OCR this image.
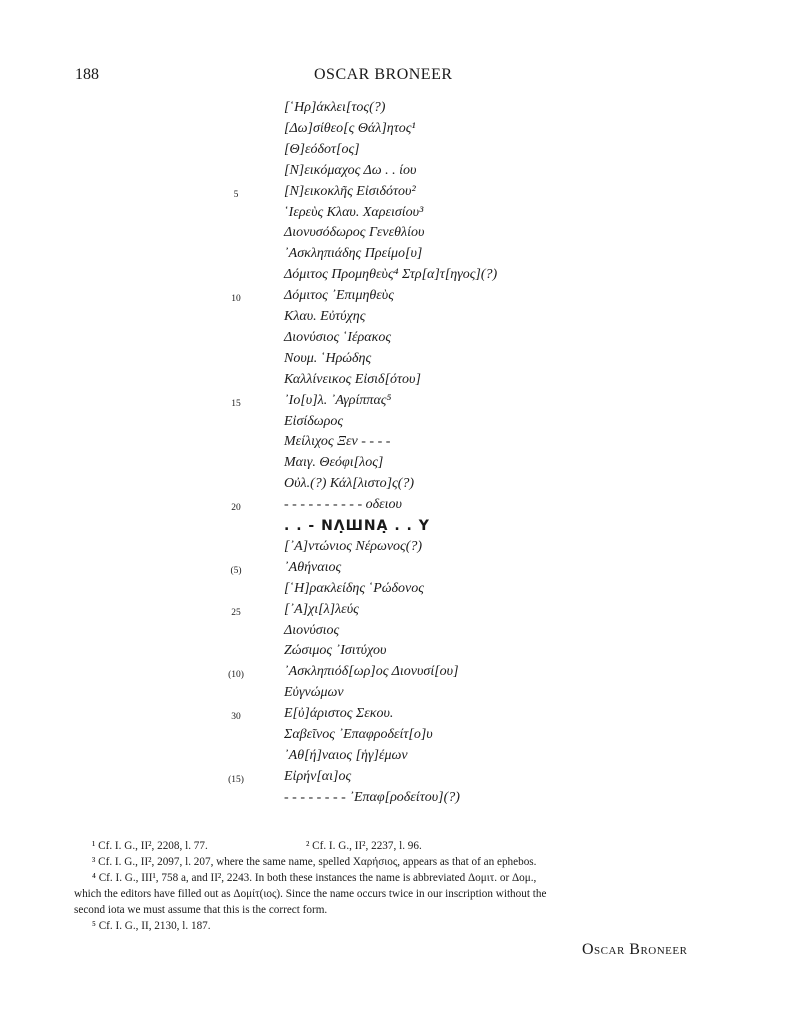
188	OSCAR BRONEER
[῾Ηρ]άκλει[τος(?)
[Δω]σίθεο[ς Θάλ]ητος¹
[Θ]εόδοτ[ος]
[Ν]εικόμαχος Δω . . ίου
5	[Ν]εικοκλῆς Εἰσιδότου²
῾Ιερεὺς Κλαυ. Χαρεισίου³
Διονυσόδωρος Γενεθλίου
᾿Ασκληπιάδης Πρείμο[υ]
Δόμιτος Προμηθεὺς⁴ Στρ[α]τ[ηγος](?)
10	Δόμιτος ᾿Επιμηθεὺς
Κλαυ. Εὐτύχης
Διονύσιος ῾Ιέρακος
Νουμ. ῾Ηρώδης
Καλλίνεικος Εἰσιδ[ότου]
15	᾿Ιο[υ]λ. ᾿Αγρίππας⁵
Εἰσίδωρος
Μείλιχος Ξεν - - - -
Μαιγ. Θεόφι[λος]
Οὐλ.(?) Κάλ[λιστο]ς(?)
20	- - - - - - - - - - οδειου
. . - ΝΛ̣ШΝΑ̣ . . Υ
[᾿Α]ντώνιος Νέρωνος(?)
(5)	᾿Αθήναιος
[῾Η]ρακλείδης ῾Ρώδονος
25	[᾿Α]χι[λ]λεύς
Διονύσιος
Ζώσιμος ᾿Ισιτύχου
(10)	᾿Ασκληπιόδ[ωρ]ος Διονυσί[ου]
Εὐγνώμων
30	Ε[ὐ]άριστος Σεκου.
Σαβεῖνος ᾿Επαφροδείτ[ο]υ
᾿Αθ[ή]ναιος [ἡγ]έμων
(15)	Εἰρήν[αι]ος
- - - - - - - - ᾿Επαφ[ροδείτου](?)
¹ Cf. I. G., II², 2208, l. 77.	² Cf. I. G., II², 2237, l. 96.

³ Cf. I. G., II², 2097, l. 207, where the same name, spelled Χαρήσιος, appears as that of an ephebos.

⁴ Cf. I. G., III¹, 758 a, and II², 2243. In both these instances the name is abbreviated Δομιτ. or Δομ.,

which the editors have filled out as Δομίτ(ιος). Since the name occurs twice in our inscription without the

second iota we must assume that this is the correct form.

⁵ Cf. I. G., II, 2130, l. 187.

Oscar Broneer
